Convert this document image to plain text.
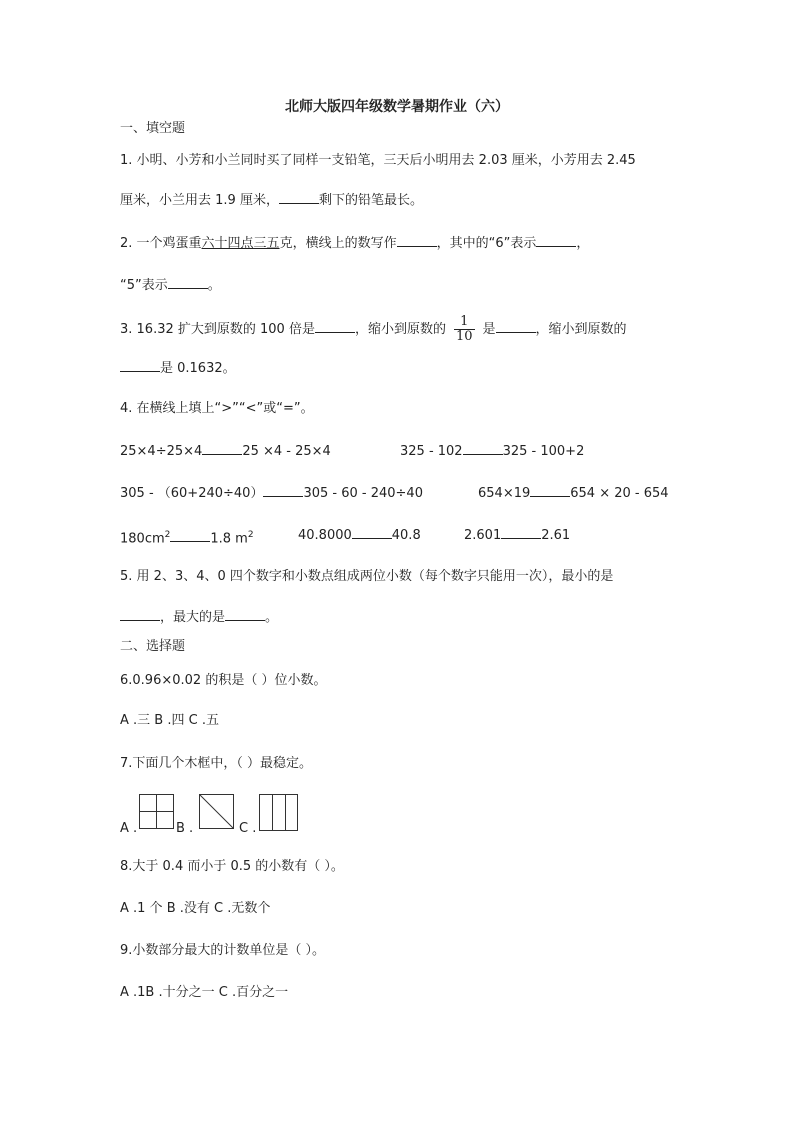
北师大版四年级数学暑期作业（六）
一、填空题
1. 小明、小芳和小兰同时买了同样一支铅笔，三天后小明用去 2.03 厘米，小芳用去 2.45
厘米，小兰用去 1.9 厘米，	剩下的铅笔最长。
2. 一个鸡蛋重六十四点三五克，横线上的数写作	，其中的“6”表示	，
“5”表示	。
3. 16.32 扩大到原数的 100 倍是	，缩小到原数的 $\frac{1}{10}$ 是	，缩小到原数的
是 0.1632。
4. 在横线上填上“>”“<”或“=”。
25×4÷25×4	25 ×4 - 25×4	325 - 102	325 - 100+2
305 - （60+240÷40）	305 - 60 - 240÷40	654×19	654 × 20 - 654
$180cm^2$	1.8 $m^2$	40.8000	40.8	2.601	2.61
5. 用 2、3、4、0 四个数字和小数点组成两位小数（每个数字只能用一次），最小的是
，最大的是	。
二、选择题
6.0.96×0.02 的积是（ ）位小数。
A .三 B .四 C .五
7.下面几个木框中，（ ）最稳定。
A .	B .	C .
8.大于 0.4 而小于 0.5 的小数有（ ）。
A .1 个 B .没有 C .无数个
9.小数部分最大的计数单位是（ ）。
A .1B .十分之一 C .百分之一
